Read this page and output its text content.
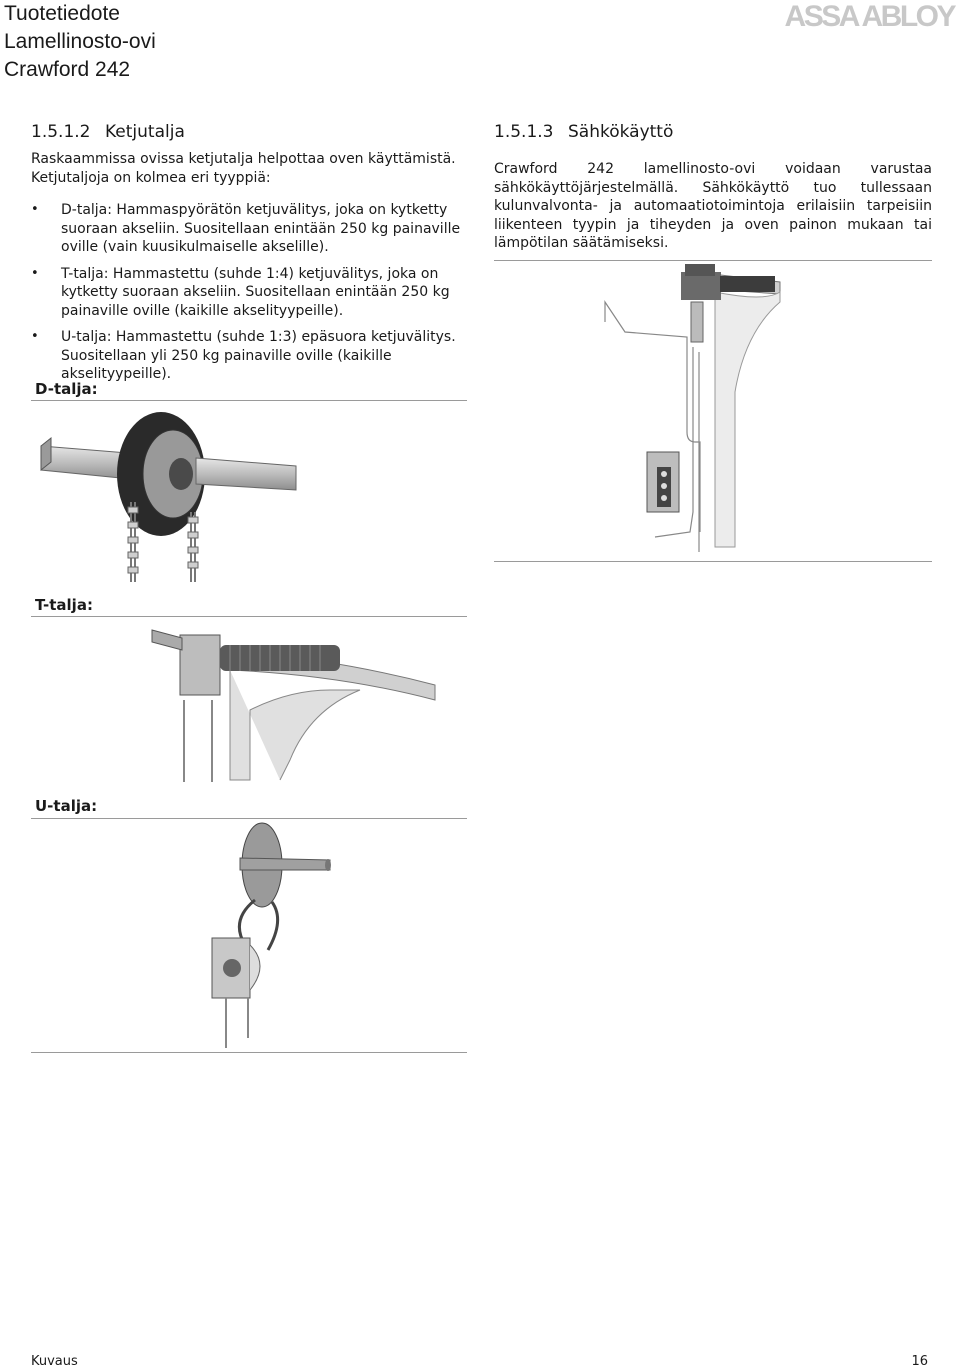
Tuotetiedote
Lamellinosto-ovi
Crawford 242
ASSA ABLOY
1.5.1.2 Ketjutalja
Raskaammissa ovissa ketjutalja helpottaa oven käyttämistä.
Ketjutaljoja on kolmea eri tyyppiä:
• D-talja: Hammaspyörätön ketjuvälitys, joka on kytketty suoraan akseliin. Suositellaan enintään 250 kg painaville oville (vain kuusikulmaiselle akselille).
• T-talja: Hammastettu (suhde 1:4) ketjuvälitys, joka on kytketty suoraan akseliin. Suositellaan enintään 250 kg painaville oville (kaikille akselityypeille).
• U-talja: Hammastettu (suhde 1:3) epäsuora ketjuvälitys. Suositellaan yli 250 kg painaville oville (kaikille akselityypeille).
D-talja:
T-talja:
U-talja:
1.5.1.3 Sähkökäyttö
Crawford 242 lamellinosto-ovi voidaan varustaa sähkökäyttöjärjestelmällä. Sähkökäyttö tuo tullessaan kulunvalvonta- ja automaatiotoimintoja erilaisiin tarpeisiin liikenteen tyypin ja tiheyden ja oven painon mukaan tai lämpötilan säätämiseksi.
Kuvaus	16
